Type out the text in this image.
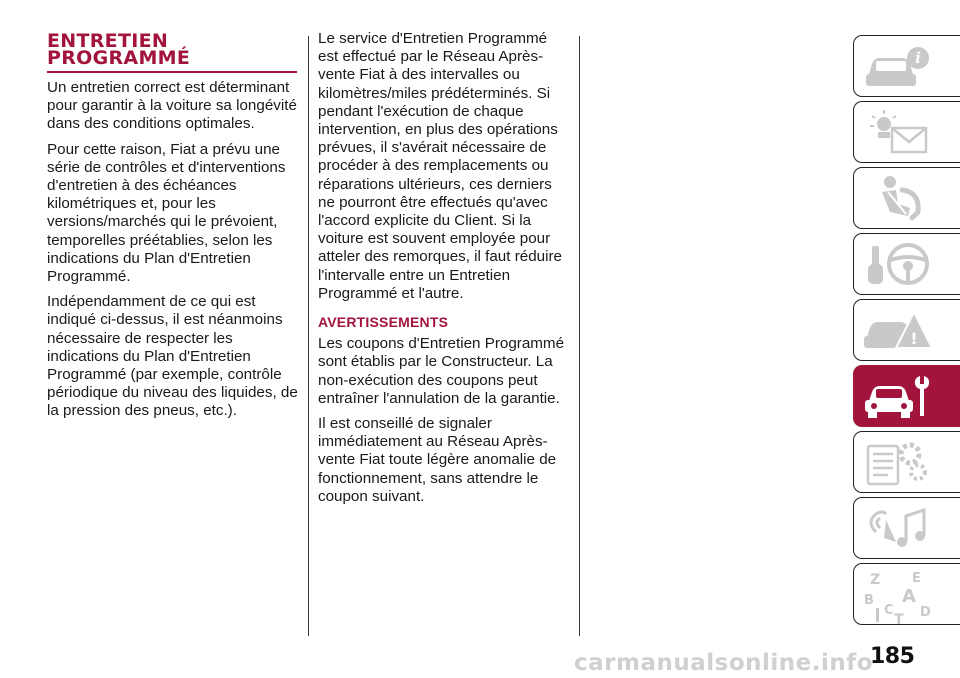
ENTRETIEN
PROGRAMMÉ

Un entretien correct est déterminant pour garantir à la voiture sa longévité dans des conditions optimales.

Pour cette raison, Fiat a prévu une série de contrôles et d'interventions d'entretien à des échéances kilométriques et, pour les versions/marchés qui le prévoient, temporelles préétablies, selon les indications du Plan d'Entretien Programmé.

Indépendamment de ce qui est indiqué ci-dessus, il est néanmoins nécessaire de respecter les indications du Plan d'Entretien Programmé (par exemple, contrôle périodique du niveau des liquides, de la pression des pneus, etc.).

Le service d'Entretien Programmé est effectué par le Réseau Après-vente Fiat à des intervalles ou kilomètres/miles prédéterminés. Si pendant l'exécution de chaque intervention, en plus des opérations prévues, il s'avérait nécessaire de procéder à des remplacements ou réparations ultérieurs, ces derniers ne pourront être effectués qu'avec l'accord explicite du Client. Si la voiture est souvent employée pour atteler des remorques, il faut réduire l'intervalle entre un Entretien Programmé et l'autre.

AVERTISSEMENTS

Les coupons d'Entretien Programmé sont établis par le Constructeur. La non-exécution des coupons peut entraîner l'annulation de la garantie.

Il est conseillé de signaler immédiatement au Réseau Après-vente Fiat toute légère anomalie de fonctionnement, sans attendre le coupon suivant.

i
!
Z E
B A
C D
T
185
carmanualsonline.info
